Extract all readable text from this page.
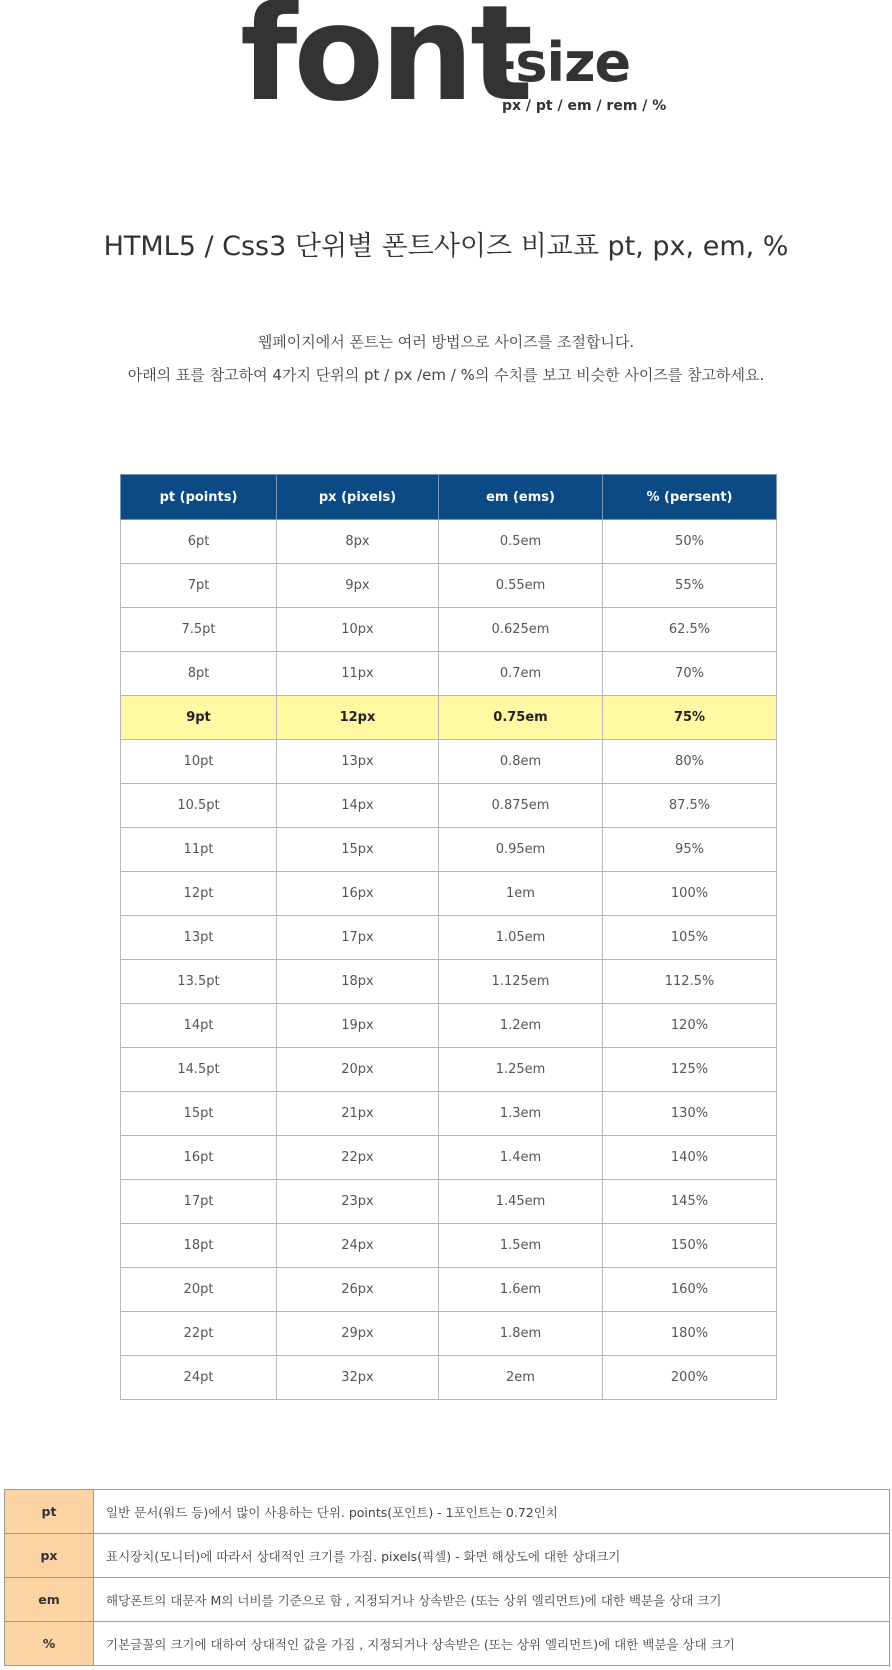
font
-size
px / pt / em / rem / %
HTML5 / Css3 단위별 폰트사이즈 비교표 pt, px, em, %
웹페이지에서 폰트는 여러 방법으로 사이즈를 조절합니다.
아래의 표를 참고하여 4가지 단위의 pt / px /em / %의 수치를 보고 비슷한 사이즈를 참고하세요.
pt (points)	px (pixels)	em (ems)	% (persent)
6pt	8px	0.5em	50%
7pt	9px	0.55em	55%
7.5pt	10px	0.625em	62.5%
8pt	11px	0.7em	70%
9pt	12px	0.75em	75%
10pt	13px	0.8em	80%
10.5pt	14px	0.875em	87.5%
11pt	15px	0.95em	95%
12pt	16px	1em	100%
13pt	17px	1.05em	105%
13.5pt	18px	1.125em	112.5%
14pt	19px	1.2em	120%
14.5pt	20px	1.25em	125%
15pt	21px	1.3em	130%
16pt	22px	1.4em	140%
17pt	23px	1.45em	145%
18pt	24px	1.5em	150%
20pt	26px	1.6em	160%
22pt	29px	1.8em	180%
24pt	32px	2em	200%
pt	일반 문서(워드 등)에서 많이 사용하는 단위. points(포인트) - 1포인트는 0.72인치
px	표시장치(모니터)에 따라서 상대적인 크기를 가짐. pixels(픽셀) - 화면 해상도에 대한 상대크기
em	해당폰트의 대문자 M의 너비를 기준으로 함 , 지정되거나 상속받은 (또는 상위 엘리먼트)에 대한 백분을 상대 크기
%	기본글꼴의 크기에 대하여 상대적인 값을 가짐 , 지정되거나 상속받은 (또는 상위 엘리먼트)에 대한 백분을 상대 크기
